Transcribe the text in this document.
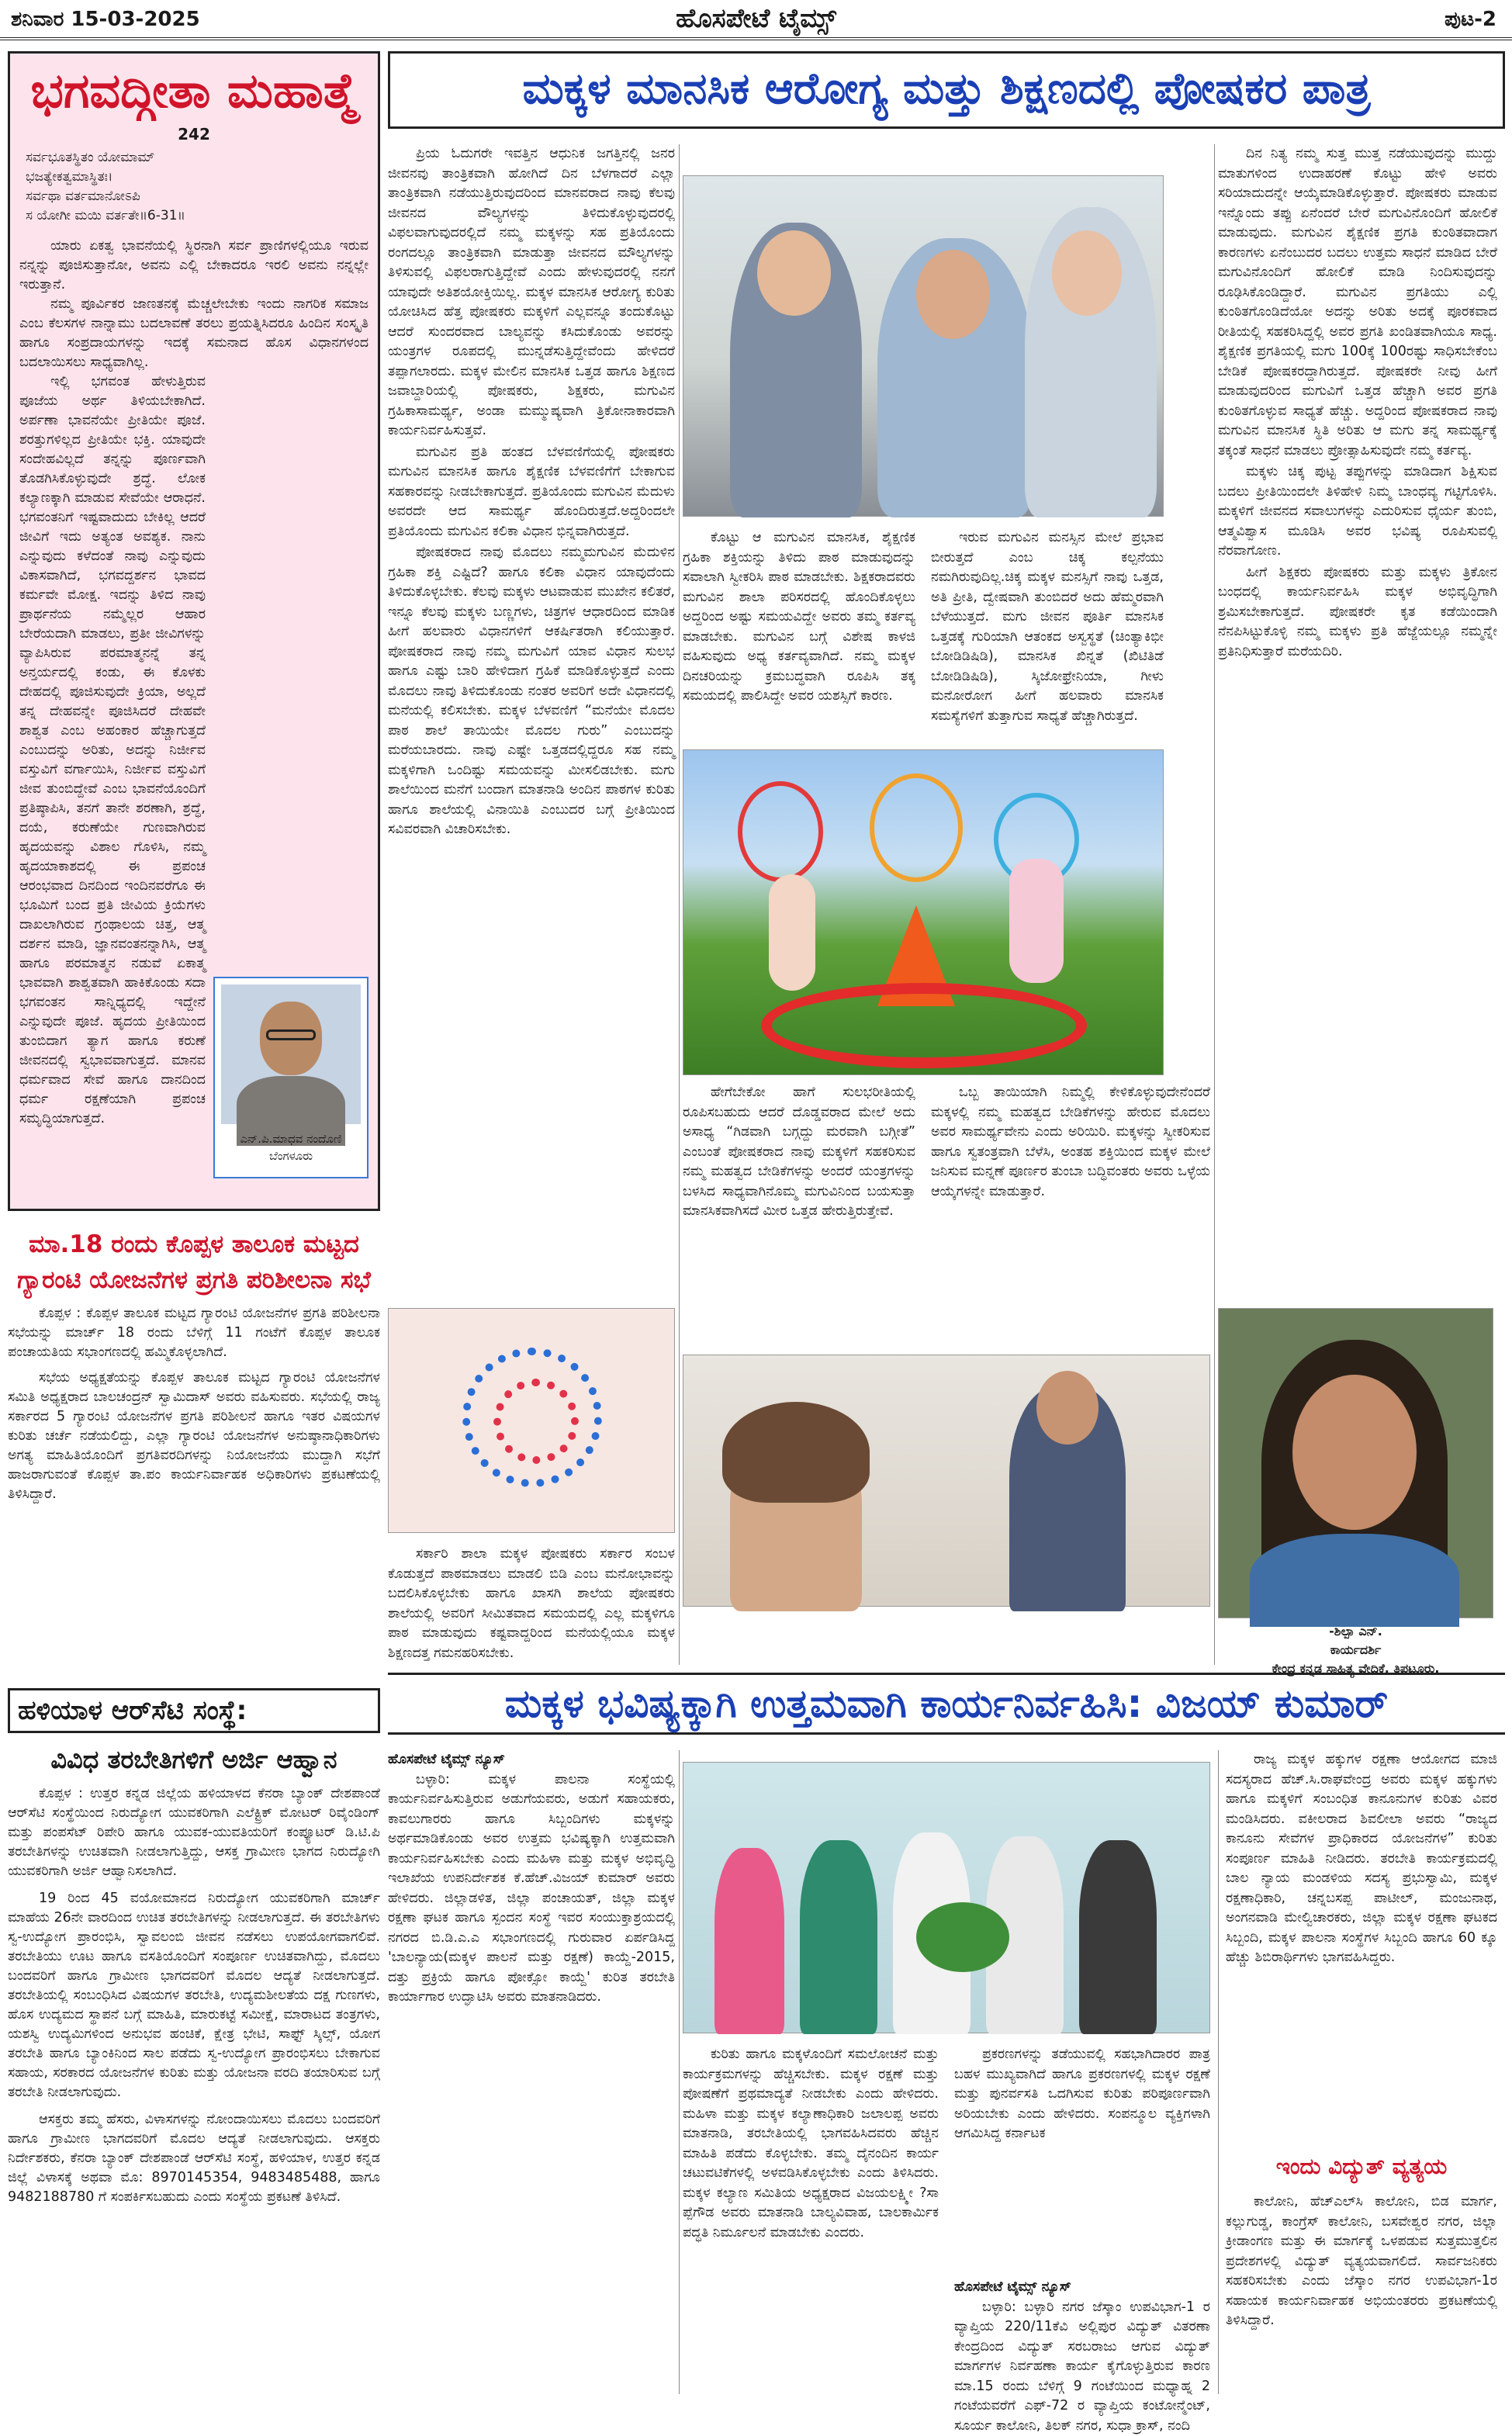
ಶನಿವಾರ 15-03-2025	ಹೊಸಪೇಟೆ ಟೈಮ್ಸ್	ಪುಟ-2
ಭಗವದ್ಗೀತಾ ಮಹಾತ್ಮೆ
242
ಸರ್ವಭೂತಸ್ಥಿತಂ ಯೋಮಾಮ್
ಭಜತ್ಯೇಕತ್ವಮಾಸ್ಥಿತಃ।
ಸರ್ವಥಾ ವರ್ತಮಾನೋಽಪಿ
ಸ ಯೋಗೀ ಮಯಿ ವರ್ತತೇ॥6-31॥

ಯಾರು ಏಕತ್ವ ಭಾವನೆಯಲ್ಲಿ ಸ್ಥಿರನಾಗಿ ಸರ್ವ ಪ್ರಾಣಿಗಳಲ್ಲಿಯೂ ಇರುವ ನನ್ನನ್ನು ಪೂಜಿಸುತ್ತಾನೋ, ಅವನು ಎಲ್ಲಿ ಬೇಕಾದರೂ ಇರಲಿ ಅವನು ನನ್ನಲ್ಲೇ ಇರುತ್ತಾನೆ.

ನಮ್ಮ ಪೂರ್ವಿಕರ ಜಾಣತನಕ್ಕೆ ಮೆಚ್ಚಲೇಬೇಕು ಇಂದು ನಾಗರಿಕ ಸಮಾಜ ಎಂಬ ಕೆಲಸಗಳ ನಾನ್ನಾಮು ಬದಲಾವಣೆ ತರಲು ಪ್ರಯತ್ನಿಸಿದರೂ ಹಿಂದಿನ ಸಂಸ್ಕೃತಿ ಹಾಗೂ ಸಂಪ್ರದಾಯಗಳನ್ನು ಇದಕ್ಕೆ ಸಮನಾದ ಹೊಸ ವಿಧಾನಗಳಂದ ಬದಲಾಯಿಸಲು ಸಾಧ್ಯವಾಗಿಲ್ಲ.

ಇಲ್ಲಿ ಭಗವಂತ ಹೇಳುತ್ತಿರುವ ಪೂಜೆಯ ಅರ್ಥ ತಿಳಿಯಬೇಕಾಗಿದೆ. ಅರ್ಪಣಾ ಭಾವನೆಯೇ ಪ್ರೀತಿಯೇ ಪೂಜೆ. ಶರತ್ತುಗಳಿಲ್ಲದ ಪ್ರೀತಿಯೇ ಭಕ್ತಿ. ಯಾವುದೇ ಸಂದೇಹವಿಲ್ಲದೆ ತನ್ನನ್ನು ಪೂರ್ಣವಾಗಿ ತೊಡಗಿಸಿಕೊಳ್ಳುವುದೇ ಶ್ರದ್ಧೆ. ಲೋಕ ಕಲ್ಯಾಣಕ್ಕಾಗಿ ಮಾಡುವ ಸೇವೆಯೇ ಆರಾಧನೆ. ಭಗವಂತನಿಗೆ ಇಷ್ಟವಾದುದು ಬೇಕಿಲ್ಲ ಆದರೆ ಜೀವಿಗೆ ಇದು ಅತ್ಯಂತ ಅವಶ್ಯಕ. ನಾನು ಎನ್ನುವುದು ಕಳೆದಂತೆ ನಾವು ಎನ್ನುವುದು ವಿಕಾಸವಾಗಿದೆ, ಭಗವದ್ದರ್ಶನ ಭಾವದ ಕರ್ಮವೇ ಮೋಕ್ಷ. ಇದನ್ನು ತಿಳಿದ ನಾವು ಪ್ರಾರ್ಥನೆಯ ನಮ್ಮೆಲ್ಲರ ಆಹಾರ ಬೇರೆಯದಾಗಿ ಮಾಡಲು, ಪ್ರತೀ ಜೀವಿಗಳನ್ನು ವ್ಯಾಪಿಸಿರುವ ಪರಮಾತ್ಮನನ್ನೆ ತನ್ನ ಅನ್ತರ್ಯದಲ್ಲಿ ಕಂಡು, ಈ ಕೊಳಕು ದೇಹದಲ್ಲಿ ಪೂಜಿಸುವುದೇ ಕ್ರಿಯಾ, ಅಲ್ಲದೆ ತನ್ನ ದೇಹವನ್ನೇ ಪೂಜಿಸಿದರೆ ದೇಹವೇ ಶಾಶ್ವತ ಎಂಬ ಅಹಂಕಾರ ಹೆಚ್ಚಾಗುತ್ತದೆ ಎಂಬುದನ್ನು ಅರಿತು, ಅದನ್ನು ನಿರ್ಜೀವ ವಸ್ತುವಿಗೆ ವರ್ಗಾಯಿಸಿ, ನಿರ್ಜೀವ ವಸ್ತುವಿಗೆ ಜೀವ ತುಂಬಿದ್ದೇವೆ ಎಂಬ ಭಾವನೆಯೊಂದಿಗೆ ಪ್ರತಿಷ್ಠಾಪಿಸಿ, ತನಗೆ ತಾನೇ ಶರಣಾಗಿ, ಶ್ರದ್ಧೆ, ದಯೆ, ಕರುಣೆಯೇ ಗುಣವಾಗಿರುವ ಹೃದಯವನ್ನು ವಿಶಾಲ ಗೊಳಿಸಿ, ನಮ್ಮ ಹೃದಯಾಕಾಶದಲ್ಲಿ ಈ ಪ್ರಪಂಚ ಆರಂಭವಾದ ದಿನದಿಂದ ಇಂದಿನವರೆಗೂ ಈ ಭೂಮಿಗೆ ಬಂದ ಪ್ರತಿ ಜೀವಿಯ ಕ್ರಿಯೆಗಳು ದಾಖಲಾಗಿರುವ ಗ್ರಂಥಾಲಯ ಚಿತ್ತ, ಆತ್ಮ ದರ್ಶನ ಮಾಡಿ, ಜ್ಞಾನವಂತನನ್ನಾಗಿಸಿ, ಆತ್ಮ ಹಾಗೂ ಪರಮಾತ್ಮನ ನಡುವೆ ಏಕಾತ್ಮ ಭಾವವಾಗಿ ಶಾಶ್ವತವಾಗಿ ಹಾಕಿಕೊಂಡು ಸದಾ ಭಗವಂತನ ಸಾನ್ನಿಧ್ಯದಲ್ಲಿ ಇದ್ದೇನೆ ಎನ್ನುವುದೇ ಪೂಜೆ. ಹೃದಯ ಪ್ರೀತಿಯಿಂದ ತುಂಬಿದಾಗ ತ್ಯಾಗ ಹಾಗೂ ಕರುಣೆ ಜೀವನದಲ್ಲಿ ಸ್ವಭಾವವಾಗುತ್ತದೆ. ಮಾನವ ಧರ್ಮವಾದ ಸೇವೆ ಹಾಗೂ ದಾನದಿಂದ ಧರ್ಮ ರಕ್ಷಣೆಯಾಗಿ ಪ್ರಪಂಚ ಸಮೃದ್ಧಿಯಾಗುತ್ತದೆ.

ಎನ್.ಪಿ.ಮಾಧವ ನಂದೊಣಿ
ಬೆಂಗಳೂರು
ಮಾ.18 ರಂದು ಕೊಪ್ಪಳ ತಾಲೂಕ ಮಟ್ಟದ ಗ್ಯಾರಂಟಿ ಯೋಜನೆಗಳ ಪ್ರಗತಿ ಪರಿಶೀಲನಾ ಸಭೆ

ಕೊಪ್ಪಳ : ಕೊಪ್ಪಳ ತಾಲೂಕ ಮಟ್ಟದ ಗ್ಯಾರಂಟಿ ಯೋಜನೆಗಳ ಪ್ರಗತಿ ಪರಿಶೀಲನಾ ಸಭೆಯನ್ನು ಮಾರ್ಚ್ 18 ರಂದು ಬೆಳಿಗ್ಗೆ 11 ಗಂಟೆಗೆ ಕೊಪ್ಪಳ ತಾಲೂಕ ಪಂಚಾಯತಿಯ ಸಭಾಂಗಣದಲ್ಲಿ ಹಮ್ಮಿಕೊಳ್ಳಲಾಗಿದೆ.

ಸಭೆಯ ಅಧ್ಯಕ್ಷತೆಯನ್ನು ಕೊಪ್ಪಳ ತಾಲೂಕ ಮಟ್ಟದ ಗ್ಯಾರಂಟಿ ಯೋಜನೆಗಳ ಸಮಿತಿ ಅಧ್ಯಕ್ಷರಾದ ಬಾಲಚಂದ್ರನ್ ಸ್ವಾಮಿದಾಸ್ ಅವರು ವಹಿಸುವರು. ಸಭೆಯಲ್ಲಿ ರಾಜ್ಯ ಸರ್ಕಾರದ 5 ಗ್ಯಾರಂಟಿ ಯೋಜನೆಗಳ ಪ್ರಗತಿ ಪರಿಶೀಲನೆ ಹಾಗೂ ಇತರ ವಿಷಯಗಳ ಕುರಿತು ಚರ್ಚೆ ನಡೆಯಲಿದ್ದು, ಎಲ್ಲಾ ಗ್ಯಾರಂಟಿ ಯೋಜನೆಗಳ ಅನುಷ್ಠಾನಾಧಿಕಾರಿಗಳು ಅಗತ್ಯ ಮಾಹಿತಿಯೊಂದಿಗೆ ಪ್ರಗತಿವರದಿಗಳನ್ನು ನಿಯೋಜನೆಯ ಮುದ್ದಾಗಿ ಸಭೆಗೆ ಹಾಜರಾಗುವಂತೆ ಕೊಪ್ಪಳ ತಾ.ಪಂ ಕಾರ್ಯನಿರ್ವಾಹಕ ಅಧಿಕಾರಿಗಳು ಪ್ರಕಟಣೆಯಲ್ಲಿ ತಿಳಿಸಿದ್ದಾರೆ.

ಹಳಿಯಾಳ ಆರ್‌ಸೆಟಿ ಸಂಸ್ಥೆ:
ವಿವಿಧ ತರಬೇತಿಗಳಿಗೆ ಅರ್ಜಿ ಆಹ್ವಾನ

ಕೊಪ್ಪಳ : ಉತ್ತರ ಕನ್ನಡ ಜಿಲ್ಲೆಯ ಹಳಿಯಾಳದ ಕೆನರಾ ಬ್ಯಾಂಕ್ ದೇಶಪಾಂಡೆ ಆರ್‌ಸೆಟಿ ಸಂಸ್ಥೆಯಿಂದ ನಿರುದ್ಯೋಗ ಯುವಕರಿಗಾಗಿ ಎಲೆಕ್ಟ್ರಿಕ್ ಮೋಟರ್ ರಿವೈಂಡಿಂಗ್ ಮತ್ತು ಪಂಪಸೆಟ್ ರಿಪೇರಿ ಹಾಗೂ ಯುವಕ-ಯುವತಿಯರಿಗೆ ಕಂಪ್ಯೂಟರ್ ಡಿ.ಟಿ.ಪಿ ತರಬೇತಿಗಳನ್ನು ಉಚಿತವಾಗಿ ನೀಡಲಾಗುತ್ತಿದ್ದು, ಆಸಕ್ತ ಗ್ರಾಮೀಣ ಭಾಗದ ನಿರುದ್ಯೋಗಿ ಯುವಕರಿಗಾಗಿ ಅರ್ಜಿ ಆಹ್ವಾನಿಸಲಾಗಿದೆ.

19 ರಿಂದ 45 ವಯೋಮಾನದ ನಿರುದ್ಯೋಗ ಯುವಕರಿಗಾಗಿ ಮಾರ್ಚ್ ಮಾಹೆಯ 26ನೇ ವಾರದಿಂದ ಉಚಿತ ತರಬೇತಿಗಳನ್ನು ನೀಡಲಾಗುತ್ತದೆ. ಈ ತರಬೇತಿಗಳು ಸ್ವ-ಉದ್ಯೋಗ ಪ್ರಾರಂಭಿಸಿ, ಸ್ವಾವಲಂಬಿ ಜೀವನ ನಡೆಸಲು ಉಪಯೋಗವಾಗಲಿವೆ. ತರಬೇತಿಯು ಊಟ ಹಾಗೂ ವಸತಿಯೊಂದಿಗೆ ಸಂಪೂರ್ಣ ಉಚಿತವಾಗಿದ್ದು, ಮೊದಲು ಬಂದವರಿಗೆ ಹಾಗೂ ಗ್ರಾಮೀಣ ಭಾಗದವರಿಗೆ ಮೊದಲ ಆದ್ಯತೆ ನೀಡಲಾಗುತ್ತದೆ. ತರಬೇತಿಯಲ್ಲಿ ಸಂಬಂಧಿಸಿದ ವಿಷಯಗಳ ತರಬೇತಿ, ಉದ್ಯಮಶೀಲತೆಯ ದಕ್ಷ ಗುಣಗಳು, ಹೊಸ ಉದ್ಯಮದ ಸ್ಥಾಪನೆ ಬಗ್ಗೆ ಮಾಹಿತಿ, ಮಾರುಕಟ್ಟೆ ಸಮೀಕ್ಷೆ, ಮಾರಾಟದ ತಂತ್ರಗಳು, ಯಶಸ್ವಿ ಉದ್ಯಮಿಗಳಿಂದ ಅನುಭವ ಹಂಚಿಕೆ, ಕ್ಷೇತ್ರ ಭೇಟಿ, ಸಾಫ್ಟ್ ಸ್ಕಿಲ್ಸ್, ಯೋಗ ತರಬೇತಿ ಹಾಗೂ ಬ್ಯಾಂಕಿನಿಂದ ಸಾಲ ಪಡೆದು ಸ್ವ-ಉದ್ಯೋಗ ಪ್ರಾರಂಭಿಸಲು ಬೇಕಾಗುವ ಸಹಾಯ, ಸರಕಾರದ ಯೋಜನೆಗಳ ಕುರಿತು ಮತ್ತು ಯೋಜನಾ ವರದಿ ತಯಾರಿಸುವ ಬಗ್ಗೆ ತರಬೇತಿ ನೀಡಲಾಗುವುದು.

ಆಸಕ್ತರು ತಮ್ಮ ಹೆಸರು, ವಿಳಾಸಗಳನ್ನು ನೋಂದಾಯಿಸಲು ಮೊದಲು ಬಂದವರಿಗೆ ಹಾಗೂ ಗ್ರಾಮೀಣ ಭಾಗದವರಿಗೆ ಮೊದಲ ಆದ್ಯತೆ ನೀಡಲಾಗುವುದು. ಆಸಕ್ತರು ನಿರ್ದೇಶಕರು, ಕೆನರಾ ಬ್ಯಾಂಕ್ ದೇಶಪಾಂಡೆ ಆರ್‌ಸೆಟಿ ಸಂಸ್ಥೆ, ಹಳಿಯಾಳ, ಉತ್ತರ ಕನ್ನಡ ಜಿಲ್ಲೆ ವಿಳಾಸಕ್ಕೆ ಅಥವಾ ಮೊ: 8970145354, 9483485488, ಹಾಗೂ 9482188780 ಗೆ ಸಂಪರ್ಕಿಸಬಹುದು ಎಂದು ಸಂಸ್ಥೆಯ ಪ್ರಕಟಣೆ ತಿಳಿಸಿದೆ.

ಮಕ್ಕಳ ಮಾನಸಿಕ ಆರೋಗ್ಯ ಮತ್ತು ಶಿಕ್ಷಣದಲ್ಲಿ ಪೋಷಕರ ಪಾತ್ರ

ಪ್ರಿಯ ಓದುಗರೇ ಇವತ್ತಿನ ಆಧುನಿಕ ಜಗತ್ತಿನಲ್ಲಿ ಜನರ ಜೀವನವು ತಾಂತ್ರಿಕವಾಗಿ ಹೋಗಿದೆ ದಿನ ಬೆಳಗಾದರೆ ಎಲ್ಲಾ ತಾಂತ್ರಿಕವಾಗಿ ನಡೆಯುತ್ತಿರುವುದರಿಂದ ಮಾನವರಾದ ನಾವು ಕೆಲವು ಜೀವನದ ವೌಲ್ಯಗಳನ್ನು ತಿಳಿದುಕೊಳ್ಳುವುದರಲ್ಲಿ ವಿಫಲವಾಗುವುದರಲ್ಲಿದೆ ನಮ್ಮ ಮಕ್ಕಳನ್ನು ಸಹ ಪ್ರತಿಯೊಂದು ರಂಗದಲ್ಲೂ ತಾಂತ್ರಿಕವಾಗಿ ಮಾಡುತ್ತಾ ಜೀವನದ ಮೌಲ್ಯಗಳನ್ನು ತಿಳಿಸುವಲ್ಲಿ ವಿಫಲರಾಗುತ್ತಿದ್ದೇವೆ ಎಂದು ಹೇಳುವುದರಲ್ಲಿ ನನಗೆ ಯಾವುದೇ ಅತಿಶಯೋಕ್ತಿಯಿಲ್ಲ. ಮಕ್ಕಳ ಮಾನಸಿಕ ಆರೋಗ್ಯ ಕುರಿತು ಯೋಚಿಸಿದ ಹೆತ್ತ ಪೋಷಕರು ಮಕ್ಕಳಿಗೆ ಎಲ್ಲವನ್ನೂ ತಂದುಕೊಟ್ಟು ಆದರೆ ಸುಂದರವಾದ ಬಾಲ್ಯವನ್ನು ಕಸಿದುಕೊಂಡು ಅವರನ್ನು ಯಂತ್ರಗಳ ರೂಪದಲ್ಲಿ ಮುನ್ನಡೆಸುತ್ತಿದ್ದೇವೆಂದು ಹೇಳಿದರೆ ತಪ್ಪಾಗಲಾರದು. ಮಕ್ಕಳ ಮೇಲಿನ ಮಾನಸಿಕ ಒತ್ತಡ ಹಾಗೂ ಶಿಕ್ಷಣದ ಜವಾಬ್ದಾರಿಯಲ್ಲಿ ಪೋಷಕರು, ಶಿಕ್ಷಕರು, ಮಗುವಿನ ಗ್ರಹಿಕಾಸಾಮರ್ಥ್ಯ, ಅಂಡಾ ಮಮ್ಮುಷ್ಯವಾಗಿ ತ್ರಿಕೋನಾಕಾರವಾಗಿ ಕಾರ್ಯನಿರ್ವಹಿಸುತ್ತವೆ.

ಮಗುವಿನ ಪ್ರತಿ ಹಂತದ ಬೆಳವಣಿಗೆಯಲ್ಲಿ ಪೋಷಕರು ಮಗುವಿನ ಮಾನಸಿಕ ಹಾಗೂ ಶೈಕ್ಷಣಿಕ ಬೆಳವಣಿಗೆಗೆ ಬೇಕಾಗುವ ಸಹಕಾರವನ್ನು ನೀಡಬೇಕಾಗುತ್ತದೆ. ಪ್ರತಿಯೊಂದು ಮಗುವಿನ ಮೆದುಳು ಅವರದೇ ಆದ ಸಾಮರ್ಥ್ಯ ಹೊಂದಿರುತ್ತದೆ.ಅದ್ದರಿಂದಲೇ ಪ್ರತಿಯೊಂದು ಮಗುವಿನ ಕಲಿಕಾ ವಿಧಾನ ಭಿನ್ನವಾಗಿರುತ್ತದೆ.

ಪೋಷಕರಾದ ನಾವು ಮೊದಲು ನಮ್ಮಮಗುವಿನ ಮೆದುಳಿನ ಗ್ರಹಿಕಾ ಶಕ್ತಿ ಎಷ್ಟಿದೆ? ಹಾಗೂ ಕಲಿಕಾ ವಿಧಾನ ಯಾವುದೆಂದು ತಿಳಿದುಕೊಳ್ಳಬೇಕು. ಕೆಲವು ಮಕ್ಕಳು ಆಟವಾಡುವ ಮುಖೇನ ಕಲಿತರೆ, ಇನ್ನೂ ಕೆಲವು ಮಕ್ಕಳು ಬಣ್ಣಗಳು, ಚಿತ್ರಗಳ ಆಧಾರದಿಂದ ಮಾಡಿಕ ಹೀಗೆ ಹಲವಾರು ವಿಧಾನಗಳಿಗೆ ಆಕರ್ಷಿತರಾಗಿ ಕಲಿಯುತ್ತಾರೆ. ಪೋಷಕರಾದ ನಾವು ನಮ್ಮ ಮಗುವಿಗೆ ಯಾವ ವಿಧಾನ ಸುಲಭ ಹಾಗೂ ಎಷ್ಟು ಬಾರಿ ಹೇಳಿದಾಗ ಗ್ರಹಿಕೆ ಮಾಡಿಕೊಳ್ಳುತ್ತದೆ ಎಂದು ಮೊದಲು ನಾವು ತಿಳಿದುಕೊಂಡು ನಂತರ ಅವರಿಗೆ ಅದೇ ವಿಧಾನದಲ್ಲಿ ಮನೆಯಲ್ಲಿ ಕಲಿಸಬೇಕು. ಮಕ್ಕಳ ಬೆಳವಣಿಗೆ “ಮನೆಯೇ ಮೊದಲ ಪಾಠ ಶಾಲೆ ತಾಯಿಯೇ ಮೊದಲ ಗುರು” ಎಂಬುದನ್ನು ಮರೆಯಬಾರದು. ನಾವು ಎಷ್ಟೇ ಒತ್ತಡದಲ್ಲಿದ್ದರೂ ಸಹ ನಮ್ಮ ಮಕ್ಕಳಿಗಾಗಿ ಒಂದಿಷ್ಟು ಸಮಯವನ್ನು ಮೀಸಲಿಡಬೇಕು. ಮಗು ಶಾಲೆಯಿಂದ ಮನೆಗೆ ಬಂದಾಗ ಮಾತನಾಡಿ ಅಂದಿನ ಪಾಠಗಳ ಕುರಿತು ಹಾಗೂ ಶಾಲೆಯಲ್ಲಿ ವಿನಾಯಿತಿ ಎಂಬುದರ ಬಗ್ಗೆ ಪ್ರೀತಿಯಿಂದ ಸವಿವರವಾಗಿ ವಿಚಾರಿಸಬೇಕು.

ಸರ್ಕಾರಿ ಶಾಲಾ ಮಕ್ಕಳ ಪೋಷಕರು ಸರ್ಕಾರ ಸಂಬಳ ಕೊಡುತ್ತದೆ ಪಾಠಮಾಡಲು ಮಾಡಲಿ ಬಿಡಿ ಎಂಬ ಮನೋಭಾವನ್ನು ಬದಲಿಸಿಕೊಳ್ಳಬೇಕು ಹಾಗೂ ಖಾಸಗಿ ಶಾಲೆಯ ಪೋಷಕರು ಶಾಲೆಯಲ್ಲಿ ಅವರಿಗೆ ಸೀಮಿತವಾದ ಸಮಯದಲ್ಲಿ ಎಲ್ಲ ಮಕ್ಕಳಿಗೂ ಪಾಠ ಮಾಡುವುದು ಕಷ್ಟವಾದ್ದರಿಂದ ಮನೆಯಲ್ಲಿಯೂ ಮಕ್ಕಳ ಶಿಕ್ಷಣದತ್ತ ಗಮನಹರಿಸಬೇಕು.

ಕೊಟ್ಟು ಆ ಮಗುವಿನ ಮಾನಸಿಕ, ಶೈಕ್ಷಣಿಕ ಗ್ರಹಿಕಾ ಶಕ್ತಿಯನ್ನು ತಿಳಿದು ಪಾಠ ಮಾಡುವುದನ್ನು ಸವಾಲಾಗಿ ಸ್ವೀಕರಿಸಿ ಪಾಠ ಮಾಡಬೇಕು. ಶಿಕ್ಷಕರಾದವರು ಮಗುವಿನ ಶಾಲಾ ಪರಿಸರದಲ್ಲಿ ಹೊಂದಿಕೊಳ್ಳಲು ಅದ್ದರಿಂದ ಅಷ್ಟು ಸಮಯವಿದ್ದೇ ಅವರು ತಮ್ಮ ಕರ್ತವ್ಯ ಮಾಡಬೇಕು. ಮಗುವಿನ ಬಗ್ಗೆ ವಿಶೇಷ ಕಾಳಜಿ ವಹಿಸುವುದು ಅಧ್ಯ ಕರ್ತವ್ಯವಾಗಿದೆ. ನಮ್ಮ ಮಕ್ಕಳ ದಿನಚರಿಯನ್ನು ಕ್ರಮಬದ್ಧವಾಗಿ ರೂಪಿಸಿ ತಕ್ಕ ಸಮಯದಲ್ಲಿ ಪಾಲಿಸಿದ್ದೇ ಅವರ ಯಶಸ್ಸಿಗೆ ಕಾರಣ.

ಇರುವ ಮಗುವಿನ ಮನಸ್ಸಿನ ಮೇಲೆ ಪ್ರಭಾವ ಬೀರುತ್ತದೆ ಎಂಬ ಚಿಕ್ಕ ಕಲ್ಪನೆಯು ನಮಗಿರುವುದಿಲ್ಲ.ಚಿಕ್ಕ ಮಕ್ಕಳ ಮನಸ್ಸಿಗೆ ನಾವು ಒತ್ತಡ, ಅತಿ ಪ್ರೀತಿ, ದ್ವೇಷವಾಗಿ ತುಂಬಿದರೆ ಅದು ಹೆಮ್ಮರವಾಗಿ ಬೆಳೆಯುತ್ತದೆ. ಮಗು ಜೀವನ ಪೂರ್ತಿ ಮಾನಸಿಕ ಒತ್ತಡಕ್ಕೆ ಗುರಿಯಾಗಿ ಆತಂಕದ ಅಸ್ವಸ್ಥತೆ (ಚಿಂತ್ಯಾಕಿಭೀ ಬೋಡಿಡಿಷಿಡಿ), ಮಾನಸಿಕ ಖಿನ್ನತೆ (ಖಿಟಿತಿಡೆ ಬೋಡಿಡಿಷಿಡಿ), ಸ್ಕಿಜೋಫ್ರೇನಿಯಾ, ಗೀಳು ಮನೋರೋಗ ಹೀಗೆ ಹಲವಾರು ಮಾನಸಿಕ ಸಮಸ್ಯೆಗಳಿಗೆ ತುತ್ತಾಗುವ ಸಾಧ್ಯತೆ ಹೆಚ್ಚಾಗಿರುತ್ತದೆ.

ಹೇಗೆಬೇಕೋ ಹಾಗೆ ಸುಲಭರೀತಿಯಲ್ಲಿ ರೂಪಿಸಬಹುದು ಆದರೆ ದೊಡ್ಡವರಾದ ಮೇಲೆ ಅದು ಅಸಾಧ್ಯ “ಗಿಡವಾಗಿ ಬಗ್ಗದ್ದು ಮರವಾಗಿ ಬಗ್ಗೀತೆ” ಎಂಬಂತೆ ಪೋಷಕರಾದ ನಾವು ಮಕ್ಕಳಿಗೆ ಸಹಕರಿಸುವ ನಮ್ಮ ಮಹತ್ವದ ಬೇಡಿಕೆಗಳನ್ನು ಅಂದರೆ ಯಂತ್ರಗಳನ್ನು ಬಳಸಿದ ಸಾಧ್ಯವಾಗಿನೊಮ್ಮ ಮಗುವಿನಿಂದ ಬಯಸುತ್ತಾ ಮಾನಸಿಕವಾಗಿಸದೆ ಮೀರ ಒತ್ತಡ ಹೇರುತ್ತಿರುತ್ತೇವೆ.

ಒಬ್ಬ ತಾಯಿಯಾಗಿ ನಿಮ್ಮಲ್ಲಿ ಕೇಳಿಕೊಳ್ಳುವುದೇನೆಂದರೆ ಮಕ್ಕಳಲ್ಲಿ ನಮ್ಮ ಮಹತ್ವದ ಬೇಡಿಕೆಗಳನ್ನು ಹೇರುವ ಮೊದಲು ಅವರ ಸಾಮರ್ಥ್ಯವೇನು ಎಂದು ಅರಿಯಿರಿ. ಮಕ್ಕಳನ್ನು ಸ್ವೀಕರಿಸುವ ಹಾಗೂ ಸ್ವತಂತ್ರವಾಗಿ ಬೆಳೆಸಿ, ಅಂತಹ ಶಕ್ತಿಯಿಂದ ಮಕ್ಕಳ ಮೇಲೆ ಜನಿಸುವ ಮನ್ನಣೆ ಪೂರ್ಣರ ತುಂಬಾ ಬದ್ಧಿವಂತರು ಅವರು ಒಳ್ಳೆಯ ಆಯ್ಕೆಗಳನ್ನೇ ಮಾಡುತ್ತಾರೆ.

ದಿನ ನಿತ್ಯ ನಮ್ಮ ಸುತ್ತ ಮುತ್ತ ನಡೆಯುವುದನ್ನು ಮುದ್ದು ಮಾತುಗಳಿಂದ ಉದಾಹರಣೆ ಕೊಟ್ಟು ಹೇಳಿ ಅವರು ಸರಿಯಾದುದನ್ನೇ ಆಯ್ಕೆಮಾಡಿಕೊಳ್ಳುತ್ತಾರೆ. ಪೋಷಕರು ಮಾಡುವ ಇನ್ನೊಂದು ತಪ್ಪು ಏನೆಂದರೆ ಬೇರೆ ಮಗುವಿನೊಂದಿಗೆ ಹೋಲಿಕೆ ಮಾಡುವುದು. ಮಗುವಿನ ಶೈಕ್ಷಣಿಕ ಪ್ರಗತಿ ಕುಂಠಿತವಾದಾಗ ಕಾರಣಗಳು ಏನೆಂಬುದರ ಬದಲು ಉತ್ತಮ ಸಾಧನೆ ಮಾಡಿದ ಬೇರೆ ಮಗುವಿನೊಂದಿಗೆ ಹೋಲಿಕೆ ಮಾಡಿ ನಿಂದಿಸುವುದನ್ನು ರೂಢಿಸಿಕೊಂಡಿದ್ದಾರೆ. ಮಗುವಿನ ಪ್ರಗತಿಯು ಎಲ್ಲಿ ಕುಂಠಿತಗೊಂಡಿದೆಯೋ ಅದನ್ನು ಅರಿತು ಅದಕ್ಕೆ ಪೂರಕವಾದ ರೀತಿಯಲ್ಲಿ ಸಹಕರಿಸಿದ್ದಲ್ಲಿ ಅವರ ಪ್ರಗತಿ ಖಂಡಿತವಾಗಿಯೂ ಸಾಧ್ಯ. ಶೈಕ್ಷಣಿಕ ಪ್ರಗತಿಯಲ್ಲಿ ಮಗು 100ಕ್ಕೆ 100ರಷ್ಟು ಸಾಧಿಸಬೇಕೆಂಬ ಬೇಡಿಕೆ ಪೋಷಕರದ್ದಾಗಿರುತ್ತದೆ. ಪೋಷಕರೇ ನೀವು ಹೀಗೆ ಮಾಡುವುದರಿಂದ ಮಗುವಿಗೆ ಒತ್ತಡ ಹೆಚ್ಚಾಗಿ ಅವರ ಪ್ರಗತಿ ಕುಂಠಿತಗೊಳ್ಳುವ ಸಾಧ್ಯತೆ ಹೆಚ್ಚು. ಅದ್ದರಿಂದ ಪೋಷಕರಾದ ನಾವು ಮಗುವಿನ ಮಾನಸಿಕ ಸ್ಥಿತಿ ಅರಿತು ಆ ಮಗು ತನ್ನ ಸಾಮರ್ಥ್ಯಕ್ಕೆ ತಕ್ಕಂತೆ ಸಾಧನೆ ಮಾಡಲು ಪ್ರೋತ್ಸಾಹಿಸುವುದೇ ನಮ್ಮ ಕರ್ತವ್ಯ.

ಮಕ್ಕಳು ಚಿಕ್ಕ ಪುಟ್ಟ ತಪ್ಪುಗಳನ್ನು ಮಾಡಿದಾಗ ಶಿಕ್ಷಿಸುವ ಬದಲು ಪ್ರೀತಿಯಿಂದಲೇ ತಿಳಿಹೇಳಿ ನಿಮ್ಮ ಬಾಂಧವ್ಯ ಗಟ್ಟಿಗೊಳಿಸಿ. ಮಕ್ಕಳಿಗೆ ಜೀವನದ ಸವಾಲುಗಳನ್ನು ಎದುರಿಸುವ ಧೈರ್ಯ ತುಂಬಿ, ಆತ್ಮವಿಶ್ವಾಸ ಮೂಡಿಸಿ ಅವರ ಭವಿಷ್ಯ ರೂಪಿಸುವಲ್ಲಿ ನೆರವಾಗೋಣ.

ಹೀಗೆ ಶಿಕ್ಷಕರು ಪೋಷಕರು ಮತ್ತು ಮಕ್ಕಳು ತ್ರಿಕೋನ ಬಂಧದಲ್ಲಿ ಕಾರ್ಯನಿರ್ವಹಿಸಿ ಮಕ್ಕಳ ಅಭಿವೃದ್ಧಿಗಾಗಿ ಶ್ರಮಿಸಬೇಕಾಗುತ್ತದೆ. ಪೋಷಕರೇ ಕೃತ ಕಡೆಯಿಂದಾಗಿ ನೆನಪಿಸಿಟ್ಟುಕೊಳ್ಳಿ ನಮ್ಮ ಮಕ್ಕಳು ಪ್ರತಿ ಹೆಜ್ಜೆಯಲ್ಲೂ ನಮ್ಮನ್ನೇ ಪ್ರತಿನಿಧಿಸುತ್ತಾರೆ ಮರೆಯದಿರಿ.

-ಶಿಲ್ಪಾ ಎನ್.
ಕಾರ್ಯದರ್ಶಿ
ಕೇಂದ್ರ ಕನ್ನಡ ಸಾಹಿತ್ಯ ವೇದಿಕೆ, ತಿಪಟೂರು.
ಮಕ್ಕಳ ಭವಿಷ್ಯಕ್ಕಾಗಿ ಉತ್ತಮವಾಗಿ ಕಾರ್ಯನಿರ್ವಹಿಸಿ: ವಿಜಯ್ ಕುಮಾರ್
ಹೊಸಪೇಟೆ ಟೈಮ್ಸ್ ನ್ಯೂಸ್

ಬಳ್ಳಾರಿ: ಮಕ್ಕಳ ಪಾಲನಾ ಸಂಸ್ಥೆಯಲ್ಲಿ ಕಾರ್ಯನಿರ್ವಹಿಸುತ್ತಿರುವ ಅಡುಗೆಯವರು, ಅಡುಗೆ ಸಹಾಯಕರು, ಕಾವಲುಗಾರರು ಹಾಗೂ ಸಿಬ್ಬಂದಿಗಳು ಮಕ್ಕಳನ್ನು ಅರ್ಥಮಾಡಿಕೊಂಡು ಅವರ ಉತ್ತಮ ಭವಿಷ್ಯಕ್ಕಾಗಿ ಉತ್ತಮವಾಗಿ ಕಾರ್ಯನಿರ್ವಹಿಸಬೇಕು ಎಂದು ಮಹಿಳಾ ಮತ್ತು ಮಕ್ಕಳ ಅಭಿವೃದ್ಧಿ ಇಲಾಖೆಯ ಉಪನಿರ್ದೇಶಕ ಕೆ.ಹೆಚ್.ವಿಜಯ್ ಕುಮಾರ್ ಅವರು ಹೇಳಿದರು. ಜಿಲ್ಲಾಡಳಿತ, ಜಿಲ್ಲಾ ಪಂಚಾಯತ್, ಜಿಲ್ಲಾ ಮಕ್ಕಳ ರಕ್ಷಣಾ ಘಟಕ ಹಾಗೂ ಸ್ಪಂದನ ಸಂಸ್ಥೆ ಇವರ ಸಂಯುಕ್ತಾಶ್ರಯದಲ್ಲಿ ನಗರದ ಬಿ.ಡಿ.ಎ.ಎ ಸಭಾಂಗಣದಲ್ಲಿ ಗುರುವಾರ ಏರ್ಪಡಿಸಿದ್ದ 'ಬಾಲನ್ಯಾಯ(ಮಕ್ಕಳ ಪಾಲನೆ ಮತ್ತು ರಕ್ಷಣೆ) ಕಾಯ್ದೆ-2015, ದತ್ತು ಪ್ರಕ್ರಿಯೆ ಹಾಗೂ ಪೋಕ್ಸೋ ಕಾಯ್ದೆ' ಕುರಿತ ತರಬೇತಿ ಕಾರ್ಯಾಗಾರ ಉದ್ಘಾಟಿಸಿ ಅವರು ಮಾತನಾಡಿದರು.

ಕುರಿತು ಹಾಗೂ ಮಕ್ಕಳೊಂದಿಗೆ ಸಮಲೋಚನೆ ಮತ್ತು ಕಾರ್ಯಕ್ರಮಗಳನ್ನು ಹೆಚ್ಚಿಸಬೇಕು. ಮಕ್ಕಳ ರಕ್ಷಣೆ ಮತ್ತು ಪೋಷಣೆಗೆ ಪ್ರಥಮಾದ್ಯತೆ ನೀಡಬೇಕು ಎಂದು ಹೇಳಿದರು. ಮಹಿಳಾ ಮತ್ತು ಮಕ್ಕಳ ಕಲ್ಯಾಣಾಧಿಕಾರಿ ಜಲಾಲಪ್ಪ ಅವರು ಮಾತನಾಡಿ, ತರಬೇತಿಯಲ್ಲಿ ಭಾಗವಹಿಸಿದವರು ಹೆಚ್ಚಿನ ಮಾಹಿತಿ ಪಡೆದು ಕೊಳ್ಳಬೇಕು. ತಮ್ಮ ದೈನಂದಿನ ಕಾರ್ಯ ಚಟುವಟಿಕೆಗಳಲ್ಲಿ ಅಳವಡಿಸಿಕೊಳ್ಳಬೇಕು ಎಂದು ತಿಳಿಸಿದರು. ಮಕ್ಕಳ ಕಲ್ಯಾಣ ಸಮಿತಿಯ ಅಧ್ಯಕ್ಷರಾದ ವಿಜಯಲಕ್ಷ್ಮೀ ?ಸಾ ಪ್ಪೆಗೌಡ ಅವರು ಮಾತನಾಡಿ ಬಾಲ್ಯವಿವಾಹ, ಬಾಲಕಾರ್ಮಿಕ ಪದ್ಧತಿ ನಿರ್ಮೂಲನೆ ಮಾಡಬೇಕು ಎಂದರು.

ಪ್ರಕರಣಗಳನ್ನು ತಡೆಯುವಲ್ಲಿ ಸಹಭಾಗಿದಾರರ ಪಾತ್ರ ಬಹಳ ಮುಖ್ಯವಾಗಿದೆ ಹಾಗೂ ಪ್ರಕರಣಗಳಲ್ಲಿ ಮಕ್ಕಳ ರಕ್ಷಣೆ ಮತ್ತು ಪುನರ್ವಸತಿ ಒದಗಿಸುವ ಕುರಿತು ಪರಿಪೂರ್ಣವಾಗಿ ಅರಿಯಬೇಕು ಎಂದು ಹೇಳಿದರು. ಸಂಪನ್ಮೂಲ ವ್ಯಕ್ತಿಗಳಾಗಿ ಆಗಮಿಸಿದ್ದ ಕರ್ನಾಟಕ

ರಾಜ್ಯ ಮಕ್ಕಳ ಹಕ್ಕುಗಳ ರಕ್ಷಣಾ ಆಯೋಗದ ಮಾಜಿ ಸದಸ್ಯರಾದ ಹೆಚ್.ಸಿ.ರಾಘವೇಂದ್ರ ಅವರು ಮಕ್ಕಳ ಹಕ್ಕುಗಳು ಹಾಗೂ ಮಕ್ಕಳಿಗೆ ಸಂಬಂಧಿತ ಕಾನೂನುಗಳ ಕುರಿತು ವಿವರ ಮಂಡಿಸಿದರು. ವಕೀಲರಾದ ಶಿವಲೀಲಾ ಅವರು “ರಾಜ್ಯದ ಕಾನೂನು ಸೇವೆಗಳ ಪ್ರಾಧಿಕಾರದ ಯೋಜನೆಗಳ” ಕುರಿತು ಸಂಪೂರ್ಣ ಮಾಹಿತಿ ನೀಡಿದರು. ತರಬೇತಿ ಕಾರ್ಯಕ್ರಮದಲ್ಲಿ ಬಾಲ ನ್ಯಾಯ ಮಂಡಳಿಯ ಸದಸ್ಯ ಪ್ರಭುಸ್ವಾಮಿ, ಮಕ್ಕಳ ರಕ್ಷಣಾಧಿಕಾರಿ, ಚನ್ನಬಸಪ್ಪ ಪಾಟೀಲ್, ಮಂಜುನಾಥ, ಅಂಗನವಾಡಿ ಮೇಲ್ವಿಚಾರಕರು, ಜಿಲ್ಲಾ ಮಕ್ಕಳ ರಕ್ಷಣಾ ಘಟಕದ ಸಿಬ್ಬಂದಿ, ಮಕ್ಕಳ ಪಾಲನಾ ಸಂಸ್ಥೆಗಳ ಸಿಬ್ಬಂದಿ ಹಾಗೂ 60 ಕ್ಕೂ ಹೆಚ್ಚು ಶಿಬಿರಾರ್ಥಿಗಳು ಭಾಗವಹಿಸಿದ್ದರು.

ಇಂದು ವಿದ್ಯುತ್ ವ್ಯತ್ಯಯ
ಹೊಸಪೇಟೆ ಟೈಮ್ಸ್ ನ್ಯೂಸ್

ಬಳ್ಳಾರಿ: ಬಳ್ಳಾರಿ ನಗರ ಜೆಸ್ಕಾಂ ಉಪವಿಭಾಗ-1 ರ ವ್ಯಾಪ್ತಿಯ 220/11ಕೆವಿ ಅಲ್ಲಿಪುರ ವಿದ್ಯುತ್ ವಿತರಣಾ ಕೇಂದ್ರದಿಂದ ವಿದ್ಯುತ್ ಸರಬರಾಜು ಆಗುವ ವಿದ್ಯುತ್ ಮಾರ್ಗಗಳ ನಿರ್ವಹಣಾ ಕಾರ್ಯ ಕೈಗೊಳ್ಳುತ್ತಿರುವ ಕಾರಣ ಮಾ.15 ರಂದು ಬೆಳಿಗ್ಗೆ 9 ಗಂಟೆಯಿಂದ ಮಧ್ಯಾಹ್ನ 2 ಗಂಟೆಯವರೆಗೆ ಎಫ್-72 ರ ವ್ಯಾಪ್ತಿಯ ಕಂಟೋನ್ಮೆಂಟ್, ಸೂರ್ಯ ಕಾಲೋನಿ, ತಿಲಕ್ ನಗರ, ಸುಧಾ ಕ್ರಾಸ್, ನಂದಿ

ಕಾಲೋನಿ, ಹೆಚ್‌ಎಲ್‌ಸಿ ಕಾಲೋನಿ, ಬಿಡ ಮಾರ್ಗ, ಕಲ್ಲುಗುಡ್ಡ, ಕಾಂಗ್ರೆಸ್ ಕಾಲೋನಿ, ಬಸವೇಶ್ವರ ನಗರ, ಜಿಲ್ಲಾ ಕ್ರೀಡಾಂಗಣ ಮತ್ತು ಈ ಮಾರ್ಗಕ್ಕೆ ಒಳಪಡುವ ಸುತ್ತಮುತ್ತಲಿನ ಪ್ರದೇಶಗಳಲ್ಲಿ ವಿದ್ಯುತ್ ವ್ಯತ್ಯಯವಾಗಲಿದೆ. ಸಾರ್ವಜನಿಕರು ಸಹಕರಿಸಬೇಕು ಎಂದು ಜೆಸ್ಕಾಂ ನಗರ ಉಪವಿಭಾಗ-1ರ ಸಹಾಯಕ ಕಾರ್ಯನಿರ್ವಾಹಕ ಅಭಿಯಂತರರು ಪ್ರಕಟಣೆಯಲ್ಲಿ ತಿಳಿಸಿದ್ದಾರೆ.
